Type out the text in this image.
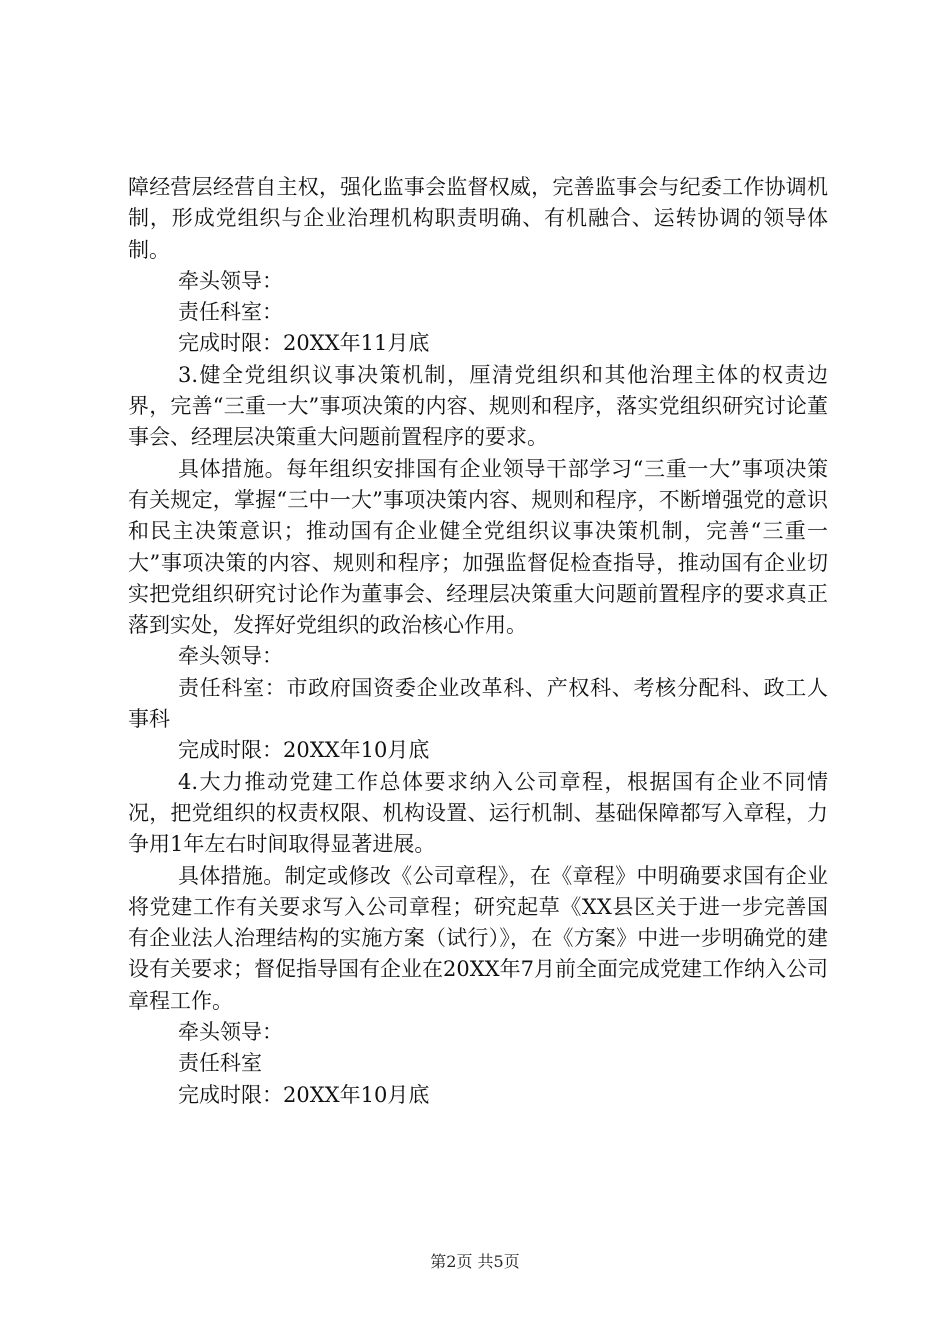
障经营层经营自主权，强化监事会监督权威，完善监事会与纪委工作协调机制，形成党组织与企业治理机构职责明确、有机融合、运转协调的领导体制。

牵头领导：

责任科室：

完成时限：20XX年11月底

3.健全党组织议事决策机制，厘清党组织和其他治理主体的权责边界，完善“三重一大”事项决策的内容、规则和程序，落实党组织研究讨论董事会、经理层决策重大问题前置程序的要求。

具体措施。每年组织安排国有企业领导干部学习“三重一大”事项决策有关规定，掌握“三中一大”事项决策内容、规则和程序，不断增强党的意识和民主决策意识；推动国有企业健全党组织议事决策机制，完善“三重一大”事项决策的内容、规则和程序；加强监督促检查指导，推动国有企业切实把党组织研究讨论作为董事会、经理层决策重大问题前置程序的要求真正落到实处，发挥好党组织的政治核心作用。

牵头领导：

责任科室：市政府国资委企业改革科、产权科、考核分配科、政工人事科

完成时限：20XX年10月底

4.大力推动党建工作总体要求纳入公司章程，根据国有企业不同情况，把党组织的权责权限、机构设置、运行机制、基础保障都写入章程，力争用1年左右时间取得显著进展。

具体措施。制定或修改《公司章程》，在《章程》中明确要求国有企业将党建工作有关要求写入公司章程；研究起草《XX县区关于进一步完善国有企业法人治理结构的实施方案（试行）》，在《方案》中进一步明确党的建设有关要求；督促指导国有企业在20XX年7月前全面完成党建工作纳入公司章程工作。

牵头领导：

责任科室

完成时限：20XX年10月底

第2页 共5页
